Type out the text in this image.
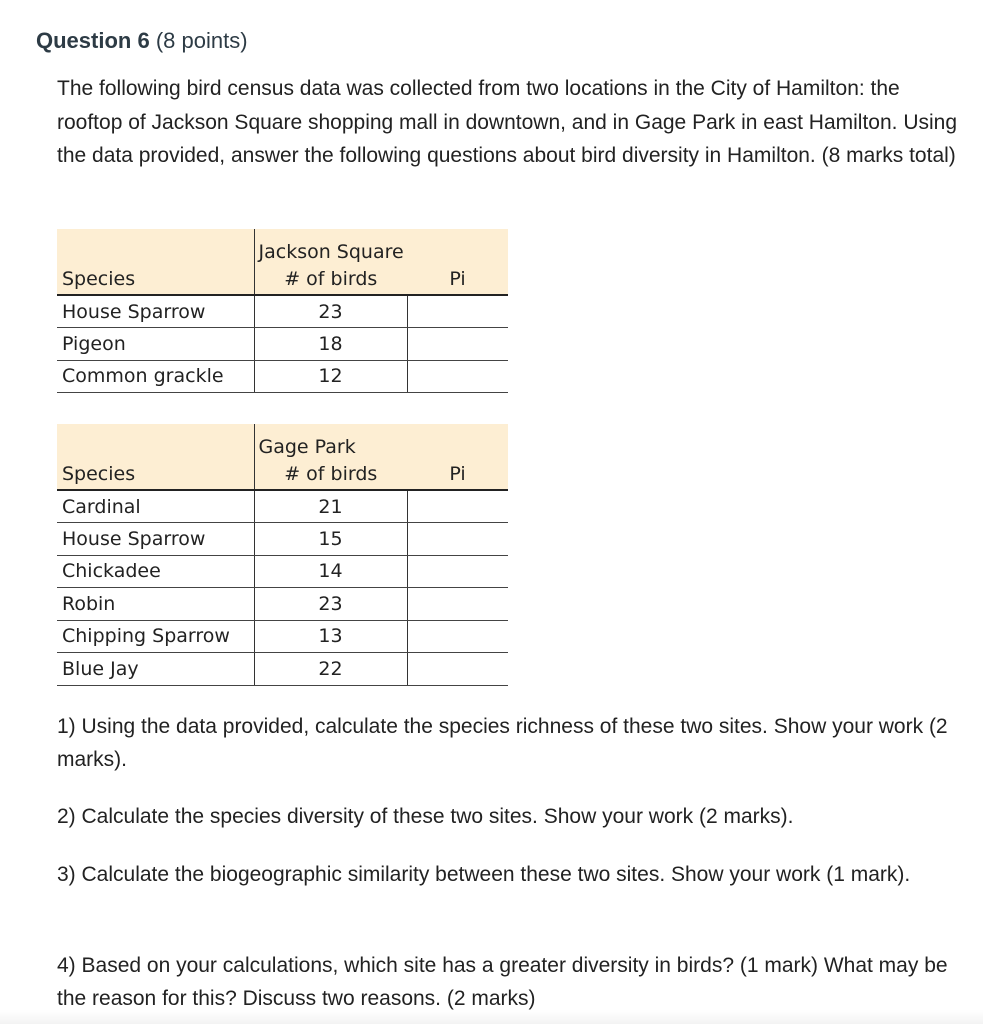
Question 6 (8 points)
The following bird census data was collected from two locations in the City of Hamilton: the rooftop of Jackson Square shopping mall in downtown, and in Gage Park in east Hamilton. Using the data provided, answer the following questions about bird diversity in Hamilton. (8 marks total)
	Jackson Square	
Species	# of birds	Pi
House Sparrow	23	
Pigeon	18	
Common grackle	12	
	Gage Park	
Species	# of birds	Pi
Cardinal	21	
House Sparrow	15	
Chickadee	14	
Robin	23	
Chipping Sparrow	13	
Blue Jay	22	

1) Using the data provided, calculate the species richness of these two sites. Show your work (2 marks).

2) Calculate the species diversity of these two sites. Show your work (2 marks).

3) Calculate the biogeographic similarity between these two sites. Show your work (1 mark).

4) Based on your calculations, which site has a greater diversity in birds? (1 mark) What may be the reason for this? Discuss two reasons. (2 marks)
